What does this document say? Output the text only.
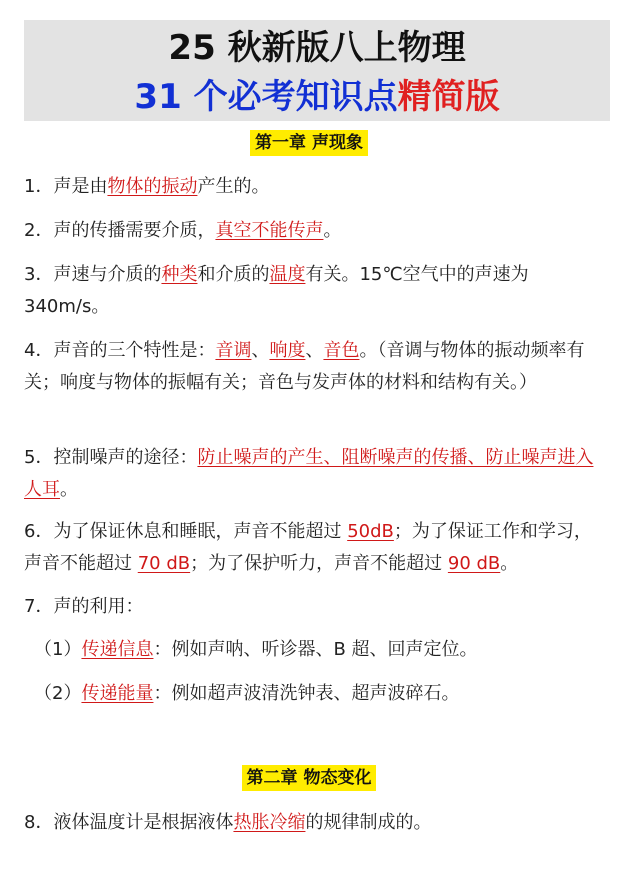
25 秋新版八上物理
31 个必考知识点精简版
第一章 声现象
1．声是由物体的振动产生的。
2．声的传播需要介质，真空不能传声。
3．声速与介质的种类和介质的温度有关。15℃空气中的声速为 340m/s。
4．声音的三个特性是：音调、响度、音色。（音调与物体的振动频率有关；响度与物体的振幅有关；音色与发声体的材料和结构有关。）
5．控制噪声的途径：防止噪声的产生、阻断噪声的传播、防止噪声进入人耳。
6．为了保证休息和睡眠，声音不能超过 50dB；为了保证工作和学习，声音不能超过 70 dB；为了保护听力，声音不能超过 90 dB。
7．声的利用：
（1）传递信息：例如声呐、听诊器、B 超、回声定位。
（2）传递能量：例如超声波清洗钟表、超声波碎石。
第二章 物态变化
8．液体温度计是根据液体热胀冷缩的规律制成的。
